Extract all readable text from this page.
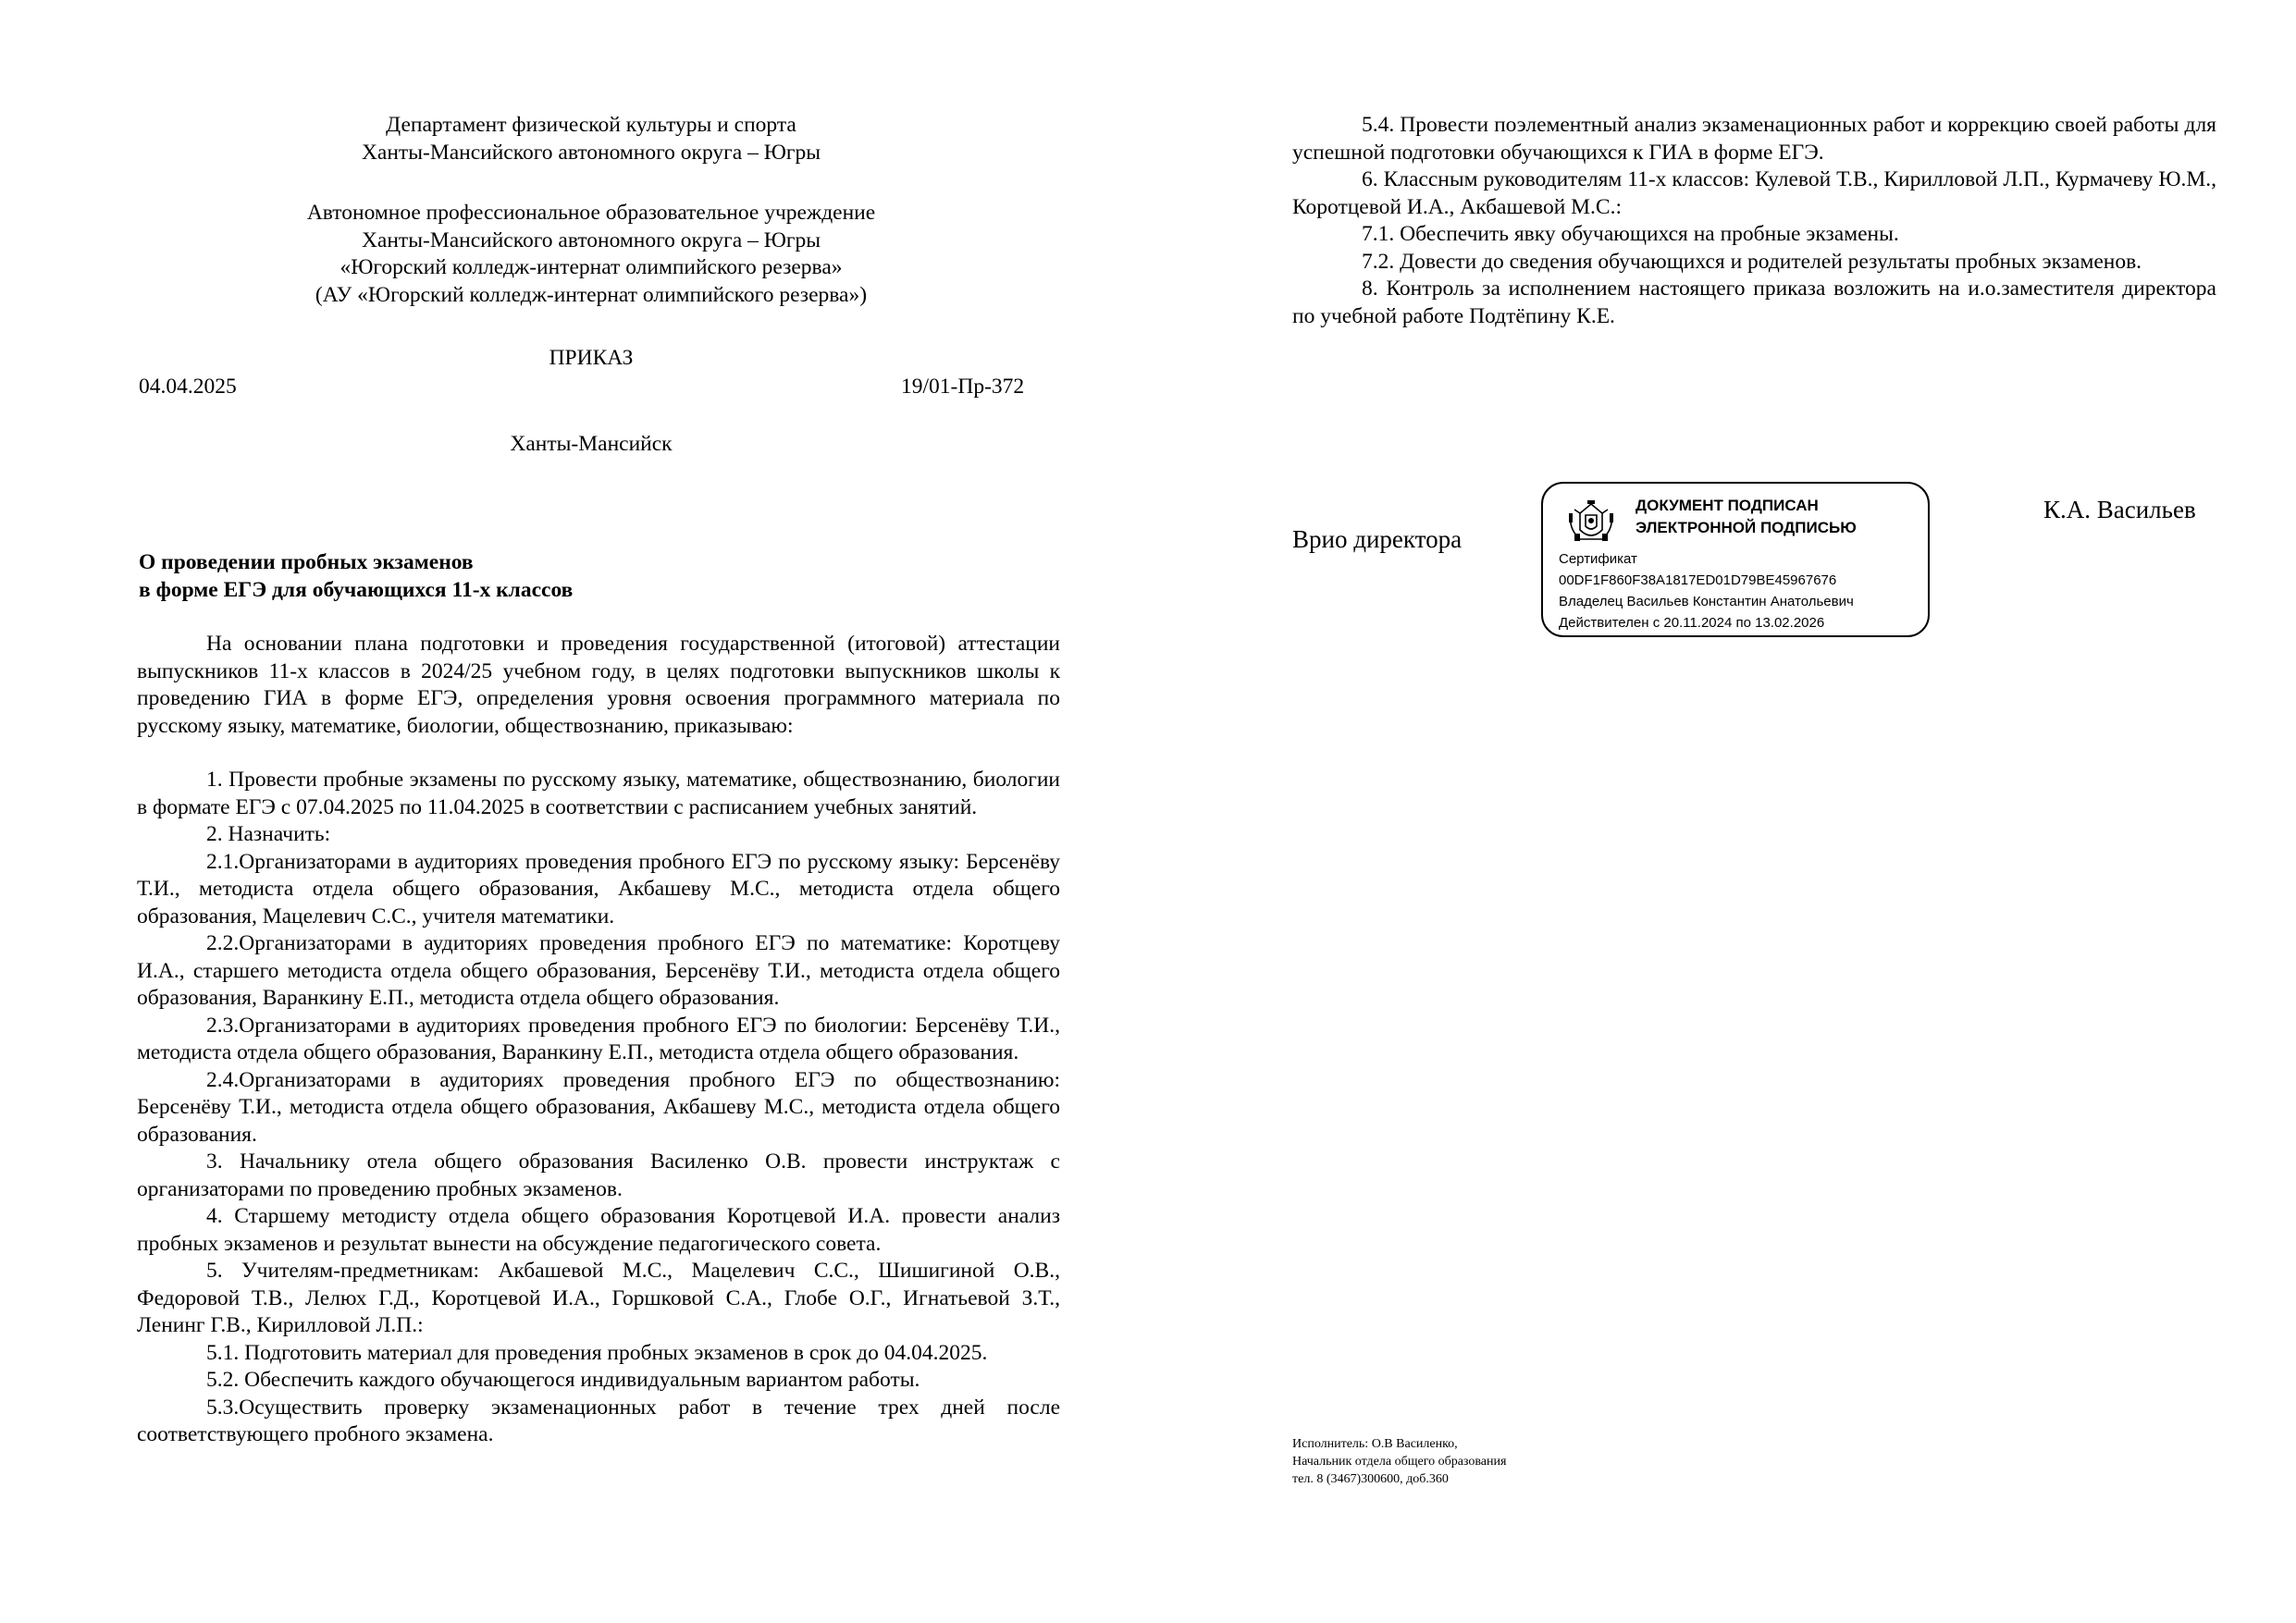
Департамент физической культуры и спорта
Ханты-Мансийского автономного округа – Югры
Автономное профессиональное образовательное учреждение
Ханты-Мансийского автономного округа – Югры
«Югорский колледж-интернат олимпийского резерва»
(АУ «Югорский колледж-интернат олимпийского резерва»)
ПРИКАЗ
04.04.2025	19/01-Пр-372
Ханты-Мансийск
О проведении пробных экзаменов
в форме ЕГЭ для обучающихся 11-х классов

На основании плана подготовки и проведения государственной (итоговой) аттестации выпускников 11-х классов в 2024/25 учебном году, в целях подготовки выпускников школы к проведению ГИА в форме ЕГЭ, определения уровня освоения программного материала по русскому языку, математике, биологии, обществознанию, приказываю:

1. Провести пробные экзамены по русскому языку, математике, обществознанию, биологии в формате ЕГЭ с 07.04.2025 по 11.04.2025 в соответствии с расписанием учебных занятий.

2. Назначить:

2.1.Организаторами в аудиториях проведения пробного ЕГЭ по русскому языку: Берсенёву Т.И., методиста отдела общего образования, Акбашеву М.С., методиста отдела общего образования, Мацелевич С.С., учителя математики.

2.2.Организаторами в аудиториях проведения пробного ЕГЭ по математике: Коротцеву И.А., старшего методиста отдела общего образования, Берсенёву Т.И., методиста отдела общего образования, Варанкину Е.П., методиста отдела общего образования.

2.3.Организаторами в аудиториях проведения пробного ЕГЭ по биологии: Берсенёву Т.И., методиста отдела общего образования, Варанкину Е.П., методиста отдела общего образования.

2.4.Организаторами в аудиториях проведения пробного ЕГЭ по обществознанию: Берсенёву Т.И., методиста отдела общего образования, Акбашеву М.С., методиста отдела общего образования.

3. Начальнику отела общего образования Василенко О.В. провести инструктаж с организаторами по проведению пробных экзаменов.

4. Старшему методисту отдела общего образования Коротцевой И.А. провести анализ пробных экзаменов и результат вынести на обсуждение педагогического совета.

5. Учителям-предметникам: Акбашевой М.С., Мацелевич С.С., Шишигиной О.В., Федоровой Т.В., Лелюх Г.Д., Коротцевой И.А., Горшковой С.А., Глобе О.Г., Игнатьевой З.Т., Ленинг Г.В., Кирилловой Л.П.:

5.1. Подготовить материал для проведения пробных экзаменов в срок до 04.04.2025.

5.2. Обеспечить каждого обучающегося индивидуальным вариантом работы.

5.3.Осуществить проверку экзаменационных работ в течение трех дней после соответствующего пробного экзамена.

5.4. Провести поэлементный анализ экзаменационных работ и коррекцию своей работы для успешной подготовки обучающихся к ГИА в форме ЕГЭ.

6. Классным руководителям 11-х классов: Кулевой Т.В., Кирилловой Л.П., Курмачеву Ю.М., Коротцевой И.А., Акбашевой М.С.:

7.1. Обеспечить явку обучающихся на пробные экзамены.

7.2. Довести до сведения обучающихся и родителей результаты пробных экзаменов.

8. Контроль за исполнением настоящего приказа возложить на и.о.заместителя директора по учебной работе Подтёпину К.Е.

Врио директора
К.А. Васильев
Исполнитель: О.В Василенко,
Начальник отдела общего образования
тел. 8 (3467)300600, доб.360
ДОКУМЕНТ ПОДПИСАН
ЭЛЕКТРОННОЙ ПОДПИСЬЮ
Сертификат
00DF1F860F38A1817ED01D79BE45967676
Владелец Васильев Константин Анатольевич
Действителен с 20.11.2024 по 13.02.2026
